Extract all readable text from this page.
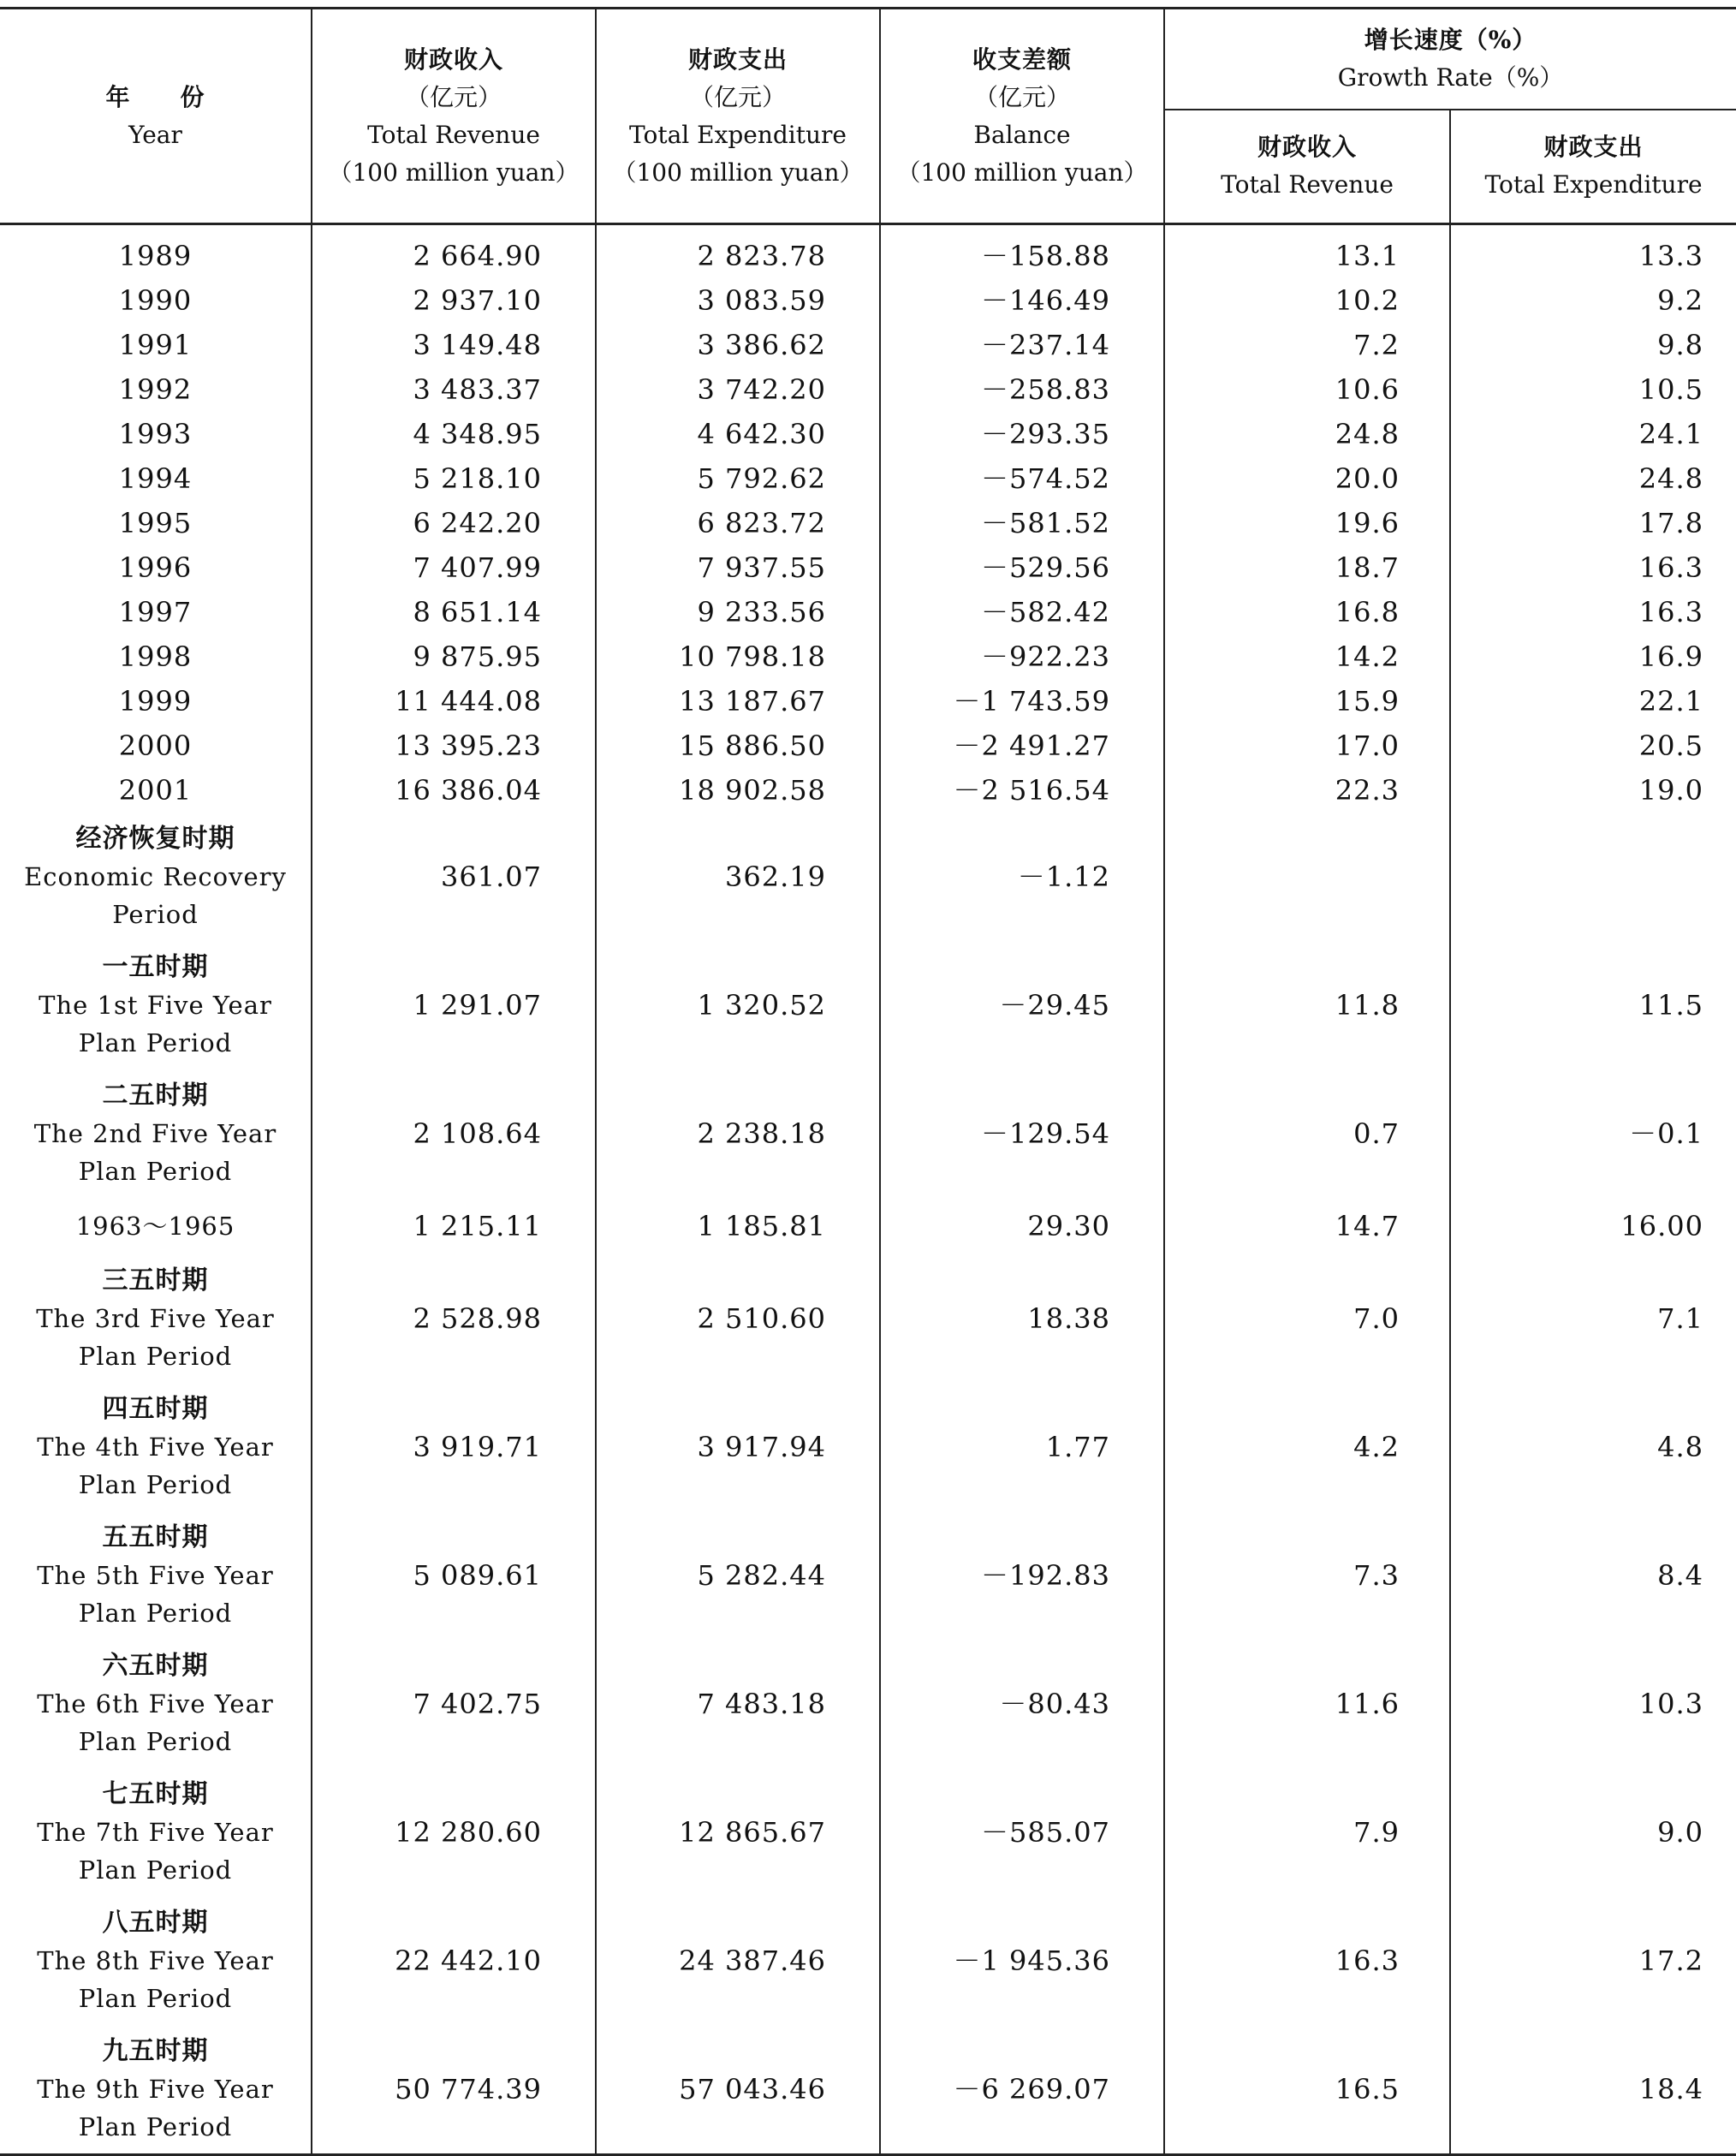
年　　份
Year	财政收入
（亿元）
Total Revenue
（100 million yuan）	财政支出
（亿元）
Total Expenditure
（100 million yuan）	收支差额
（亿元）
Balance
（100 million yuan）	增长速度（%）
Growth Rate（%）	

				财政收入
Total Revenue	财政支出
Total Expenditure

1989	2 664.90	2 823.78	－158.88	13.1	13.3
1990	2 937.10	3 083.59	－146.49	10.2	9.2
1991	3 149.48	3 386.62	－237.14	7.2	9.8
1992	3 483.37	3 742.20	－258.83	10.6	10.5
1993	4 348.95	4 642.30	－293.35	24.8	24.1
1994	5 218.10	5 792.62	－574.52	20.0	24.8
1995	6 242.20	6 823.72	－581.52	19.6	17.8
1996	7 407.99	7 937.55	－529.56	18.7	16.3
1997	8 651.14	9 233.56	－582.42	16.8	16.3
1998	9 875.95	10 798.18	－922.23	14.2	16.9
1999	11 444.08	13 187.67	－1 743.59	15.9	22.1
2000	13 395.23	15 886.50	－2 491.27	17.0	20.5
2001	16 386.04	18 902.58	－2 516.54	22.3	19.0

经济恢复时期
Economic Recovery
Period	361.07	362.19	－1.12		

一五时期
The 1st Five Year
Plan Period	1 291.07	1 320.52	－29.45	11.8	11.5

二五时期
The 2nd Five Year
Plan Period	2 108.64	2 238.18	－129.54	0.7	－0.1

1963～1965	1 215.11	1 185.81	29.30	14.7	16.00

三五时期
The 3rd Five Year
Plan Period	2 528.98	2 510.60	18.38	7.0	7.1

四五时期
The 4th Five Year
Plan Period	3 919.71	3 917.94	1.77	4.2	4.8

五五时期
The 5th Five Year
Plan Period	5 089.61	5 282.44	－192.83	7.3	8.4

六五时期
The 6th Five Year
Plan Period	7 402.75	7 483.18	－80.43	11.6	10.3

七五时期
The 7th Five Year
Plan Period	12 280.60	12 865.67	－585.07	7.9	9.0

八五时期
The 8th Five Year
Plan Period	22 442.10	24 387.46	－1 945.36	16.3	17.2

九五时期
The 9th Five Year
Plan Period	50 774.39	57 043.46	－6 269.07	16.5	18.4
